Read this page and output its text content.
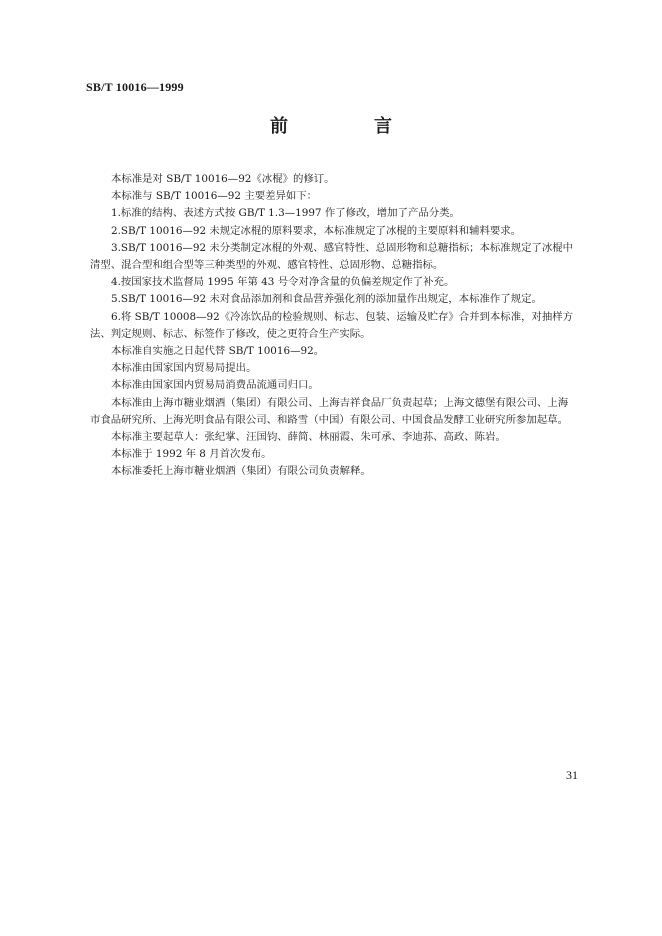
SB/T 10016—1999
前　言

本标准是对 SB/T 10016—92《冰棍》的修订。

本标准与 SB/T 10016—92 主要差异如下：

1.标准的结构、表述方式按 GB/T 1.3—1997 作了修改，增加了产品分类。

2.SB/T 10016—92 未规定冰棍的原料要求，本标准规定了冰棍的主要原料和辅料要求。

3.SB/T 10016—92 未分类制定冰棍的外观、感官特性、总固形物和总糖指标；本标准规定了冰棍中清型、混合型和组合型等三种类型的外观、感官特性、总固形物、总糖指标。

4.按国家技术监督局 1995 年第 43 号令对净含量的负偏差规定作了补充。

5.SB/T 10016—92 未对食品添加剂和食品营养强化剂的添加量作出规定，本标准作了规定。

6.将 SB/T 10008—92《冷冻饮品的检验规则、标志、包装、运输及贮存》合并到本标准，对抽样方法、判定规则、标志、标签作了修改，使之更符合生产实际。

本标准自实施之日起代替 SB/T 10016—92。

本标准由国家国内贸易局提出。

本标准由国家国内贸易局消费品流通司归口。

本标准由上海市糖业烟酒（集团）有限公司、上海吉祥食品厂负责起草；上海文德堡有限公司、上海市食品研究所、上海光明食品有限公司、和路雪（中国）有限公司、中国食品发酵工业研究所参加起草。

本标准主要起草人：张纪掌、汪国钧、薛简、林丽霞、朱可承、李迪荪、高政、陈岩。

本标准于 1992 年 8 月首次发布。

本标准委托上海市糖业烟酒（集团）有限公司负责解释。

31
